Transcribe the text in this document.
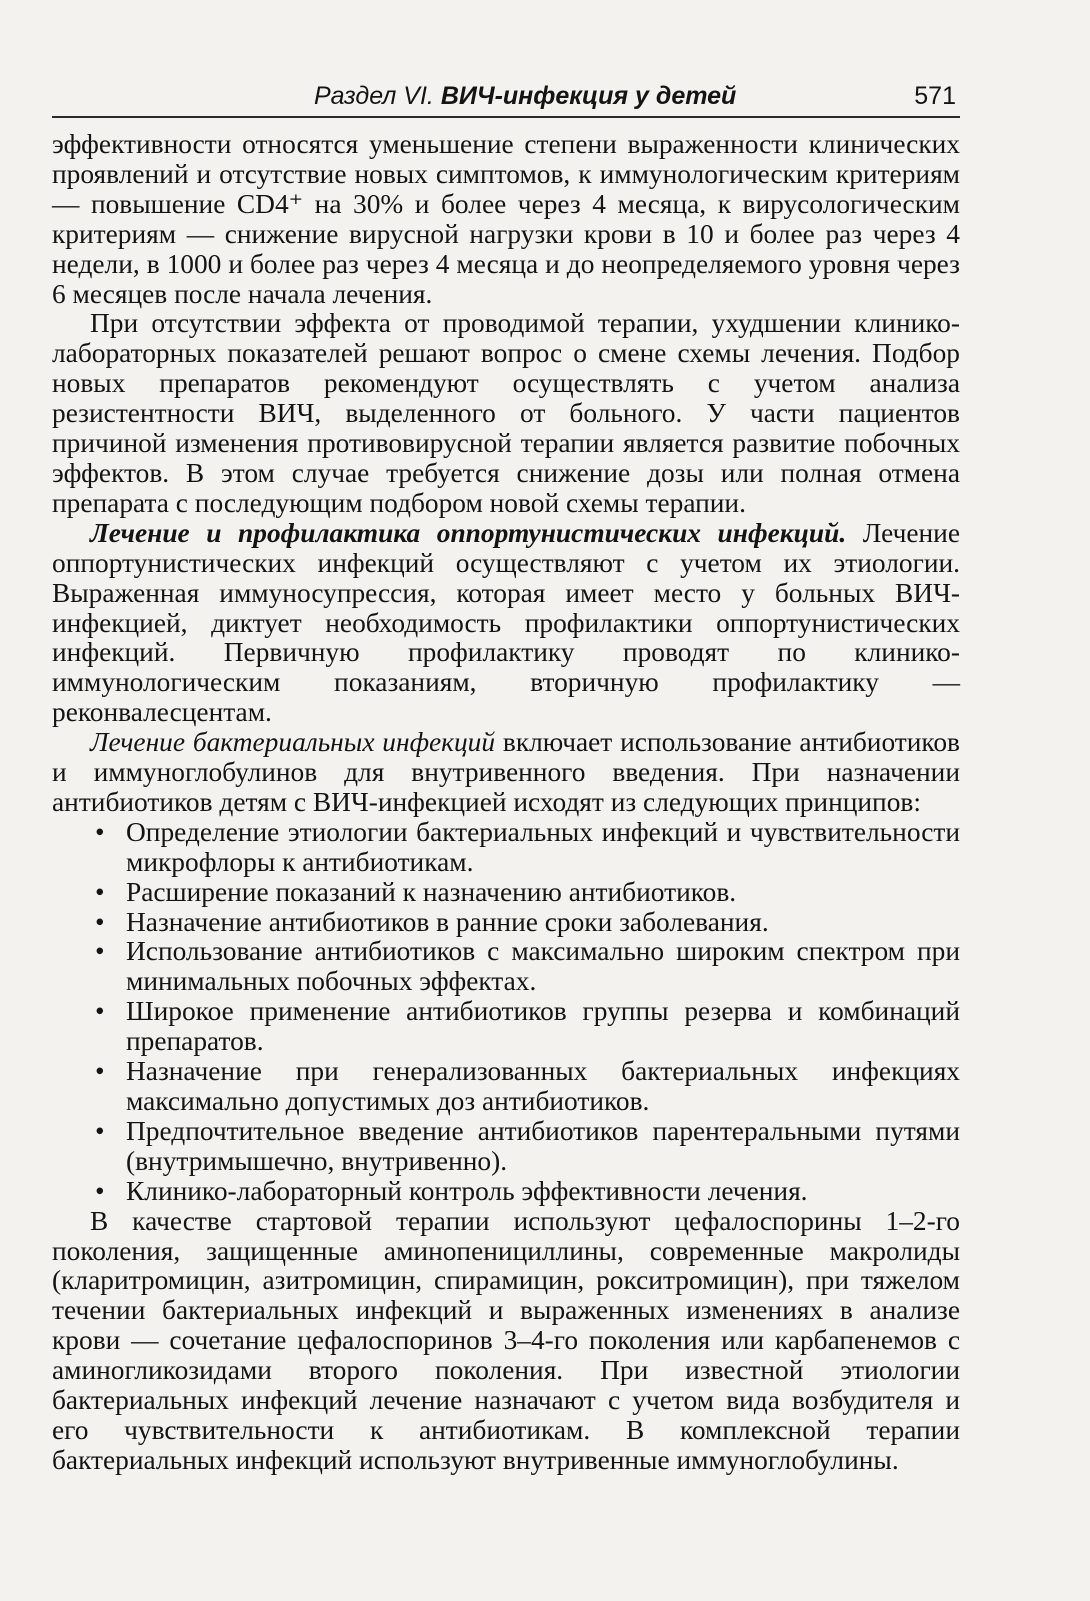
Раздел VI. ВИЧ-инфекция у детей	571

эффективности относятся уменьшение степени выраженности клинических проявлений и отсутствие новых симптомов, к иммунологическим критериям — повышение CD4⁺ на 30% и более через 4 месяца, к вирусологическим критериям — снижение вирусной нагрузки крови в 10 и более раз через 4 недели, в 1000 и более раз через 4 месяца и до неопределяемого уровня через 6 месяцев после начала лечения.

При отсутствии эффекта от проводимой терапии, ухудшении клинико-лабораторных показателей решают вопрос о смене схемы лечения. Подбор новых препаратов рекомендуют осуществлять с учетом анализа резистентности ВИЧ, выделенного от больного. У части пациентов причиной изменения противовирусной терапии является развитие побочных эффектов. В этом случае требуется снижение дозы или полная отмена препарата с последующим подбором новой схемы терапии.

Лечение и профилактика оппортунистических инфекций. Лечение оппортунистических инфекций осуществляют с учетом их этиологии. Выраженная иммуносупрессия, которая имеет место у больных ВИЧ-инфекцией, диктует необходимость профилактики оппортунистических инфекций. Первичную профилактику проводят по клинико-иммунологическим показаниям, вторичную профилактику — реконвалесцентам.

Лечение бактериальных инфекций включает использование антибиотиков и иммуноглобулинов для внутривенного введения. При назначении антибиотиков детям с ВИЧ-инфекцией исходят из следующих принципов:

• Определение этиологии бактериальных инфекций и чувствительности микрофлоры к антибиотикам.
• Расширение показаний к назначению антибиотиков.
• Назначение антибиотиков в ранние сроки заболевания.
• Использование антибиотиков с максимально широким спектром при минимальных побочных эффектах.
• Широкое применение антибиотиков группы резерва и комбинаций препаратов.
• Назначение при генерализованных бактериальных инфекциях максимально допустимых доз антибиотиков.
• Предпочтительное введение антибиотиков парентеральными путями (внутримышечно, внутривенно).
• Клинико-лабораторный контроль эффективности лечения.

В качестве стартовой терапии используют цефалоспорины 1–2-го поколения, защищенные аминопенициллины, современные макролиды (кларитромицин, азитромицин, спирамицин, рокситромицин), при тяжелом течении бактериальных инфекций и выраженных изменениях в анализе крови — сочетание цефалоспоринов 3–4-го поколения или карбапенемов с аминогликозидами второго поколения. При известной этиологии бактериальных инфекций лечение назначают с учетом вида возбудителя и его чувствительности к антибиотикам. В комплексной терапии бактериальных инфекций используют внутривенные иммуноглобулины.
